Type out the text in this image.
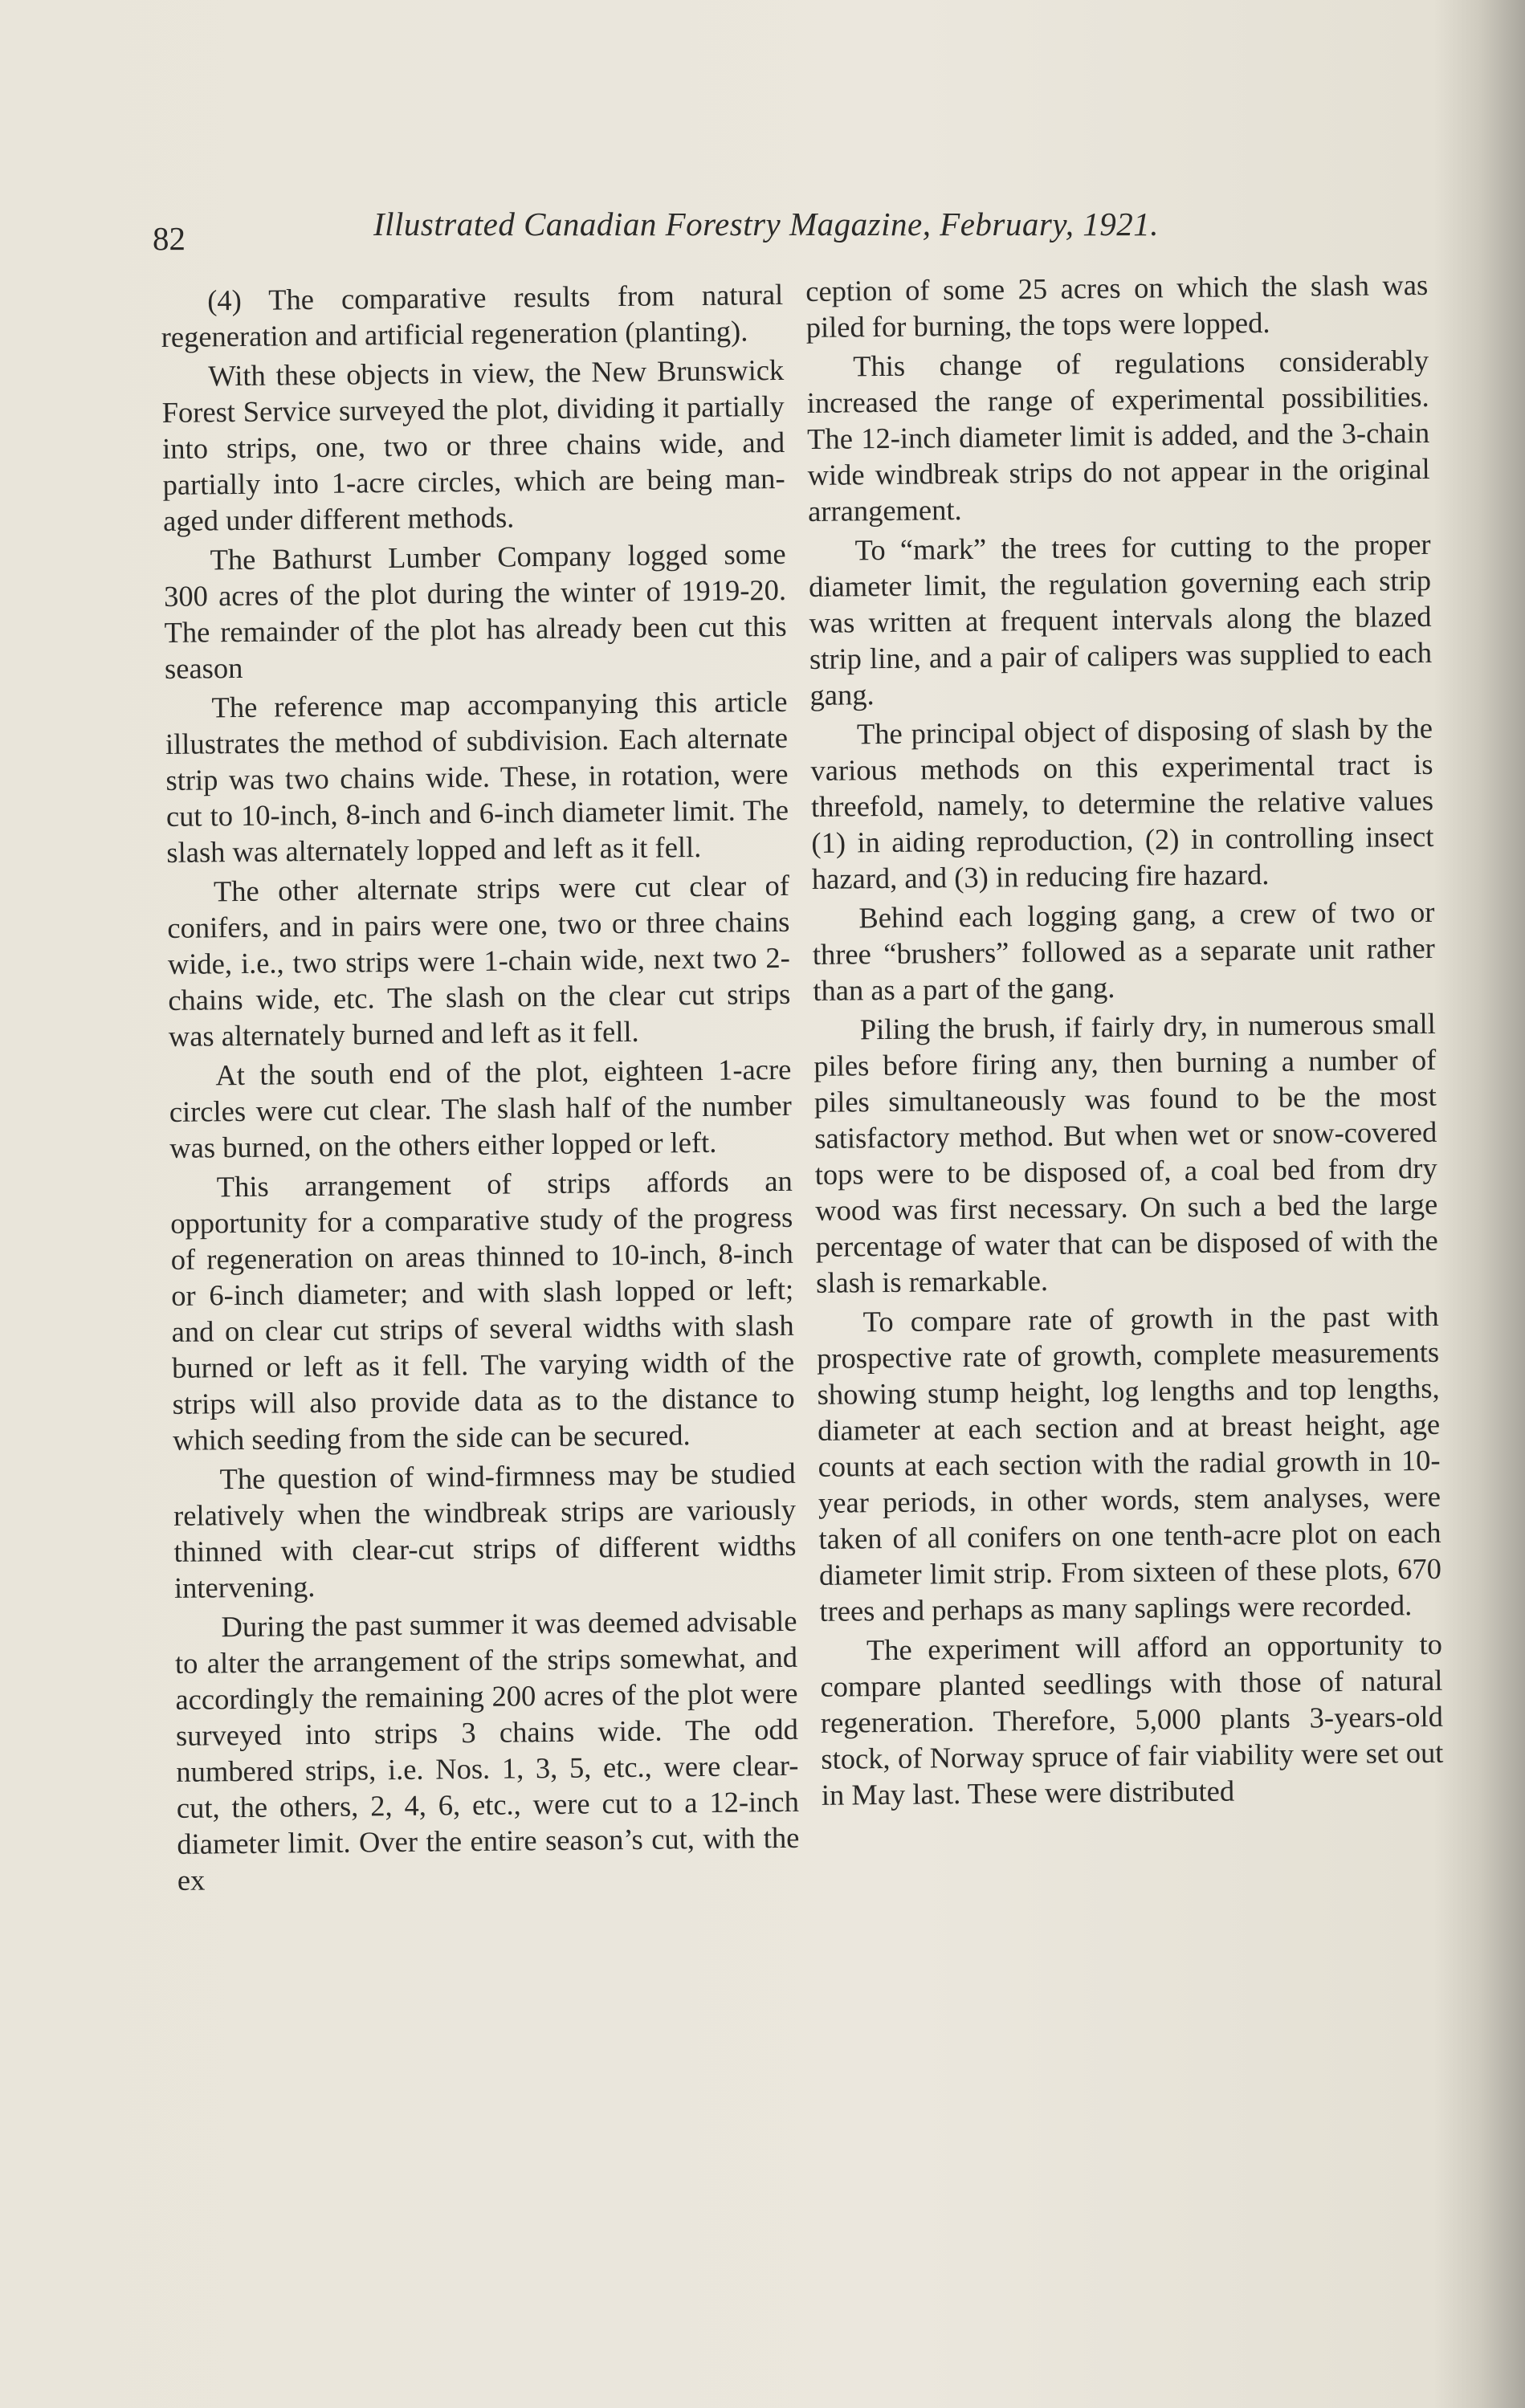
82	Illustrated Canadian Forestry Magazine, February, 1921.

(4) The comparative results from natural regeneration and artificial regeneration (planting).

With these objects in view, the New Brunswick Forest Service surveyed the plot, dividing it partially into strips, one, two or three chains wide, and partially into 1-acre circles, which are being managed under different methods.

The Bathurst Lumber Company logged some 300 acres of the plot during the winter of 1919-20. The remainder of the plot has already been cut this season

The reference map accompanying this article illustrates the method of subdivision. Each alternate strip was two chains wide. These, in rotation, were cut to 10-inch, 8-inch and 6-inch diameter limit. The slash was alternately lopped and left as it fell.

The other alternate strips were cut clear of conifers, and in pairs were one, two or three chains wide, i.e., two strips were 1-chain wide, next two 2-chains wide, etc. The slash on the clear cut strips was alternately burned and left as it fell.

At the south end of the plot, eighteen 1-acre circles were cut clear. The slash half of the number was burned, on the others either lopped or left.

This arrangement of strips affords an opportunity for a comparative study of the progress of regeneration on areas thinned to 10-inch, 8-inch or 6-inch diameter; and with slash lopped or left; and on clear cut strips of several widths with slash burned or left as it fell. The varying width of the strips will also provide data as to the distance to which seeding from the side can be secured.

The question of wind-firmness may be studied relatively when the windbreak strips are variously thinned with clear-cut strips of different widths intervening.

During the past summer it was deemed advisable to alter the arrangement of the strips somewhat, and accordingly the remaining 200 acres of the plot were surveyed into strips 3 chains wide. The odd numbered strips, i.e. Nos. 1, 3, 5, etc., were clear-cut, the others, 2, 4, 6, etc., were cut to a 12-inch diameter limit. Over the entire season’s cut, with the ex

ception of some 25 acres on which the slash was piled for burning, the tops were lopped.

This change of regulations considerably increased the range of experimental possibilities. The 12-inch diameter limit is added, and the 3-chain wide windbreak strips do not appear in the original arrangement.

To “mark” the trees for cutting to the proper diameter limit, the regulation governing each strip was written at frequent intervals along the blazed strip line, and a pair of calipers was supplied to each gang.

The principal object of disposing of slash by the various methods on this experimental tract is threefold, namely, to determine the relative values (1) in aiding reproduction, (2) in controlling insect hazard, and (3) in reducing fire hazard.

Behind each logging gang, a crew of two or three “brushers” followed as a separate unit rather than as a part of the gang.

Piling the brush, if fairly dry, in numerous small piles before firing any, then burning a number of piles simultaneously was found to be the most satisfactory method. But when wet or snow-covered tops were to be disposed of, a coal bed from dry wood was first necessary. On such a bed the large percentage of water that can be disposed of with the slash is remarkable.

To compare rate of growth in the past with prospective rate of growth, complete measurements showing stump height, log lengths and top lengths, diameter at each section and at breast height, age counts at each section with the radial growth in 10-year periods, in other words, stem analyses, were taken of all conifers on one tenth-acre plot on each diameter limit strip. From sixteen of these plots, 670 trees and perhaps as many saplings were recorded.

The experiment will afford an opportunity to compare planted seedlings with those of natural regeneration. Therefore, 5,000 plants 3-years-old stock, of Norway spruce of fair viability were set out in May last. These were distributed
